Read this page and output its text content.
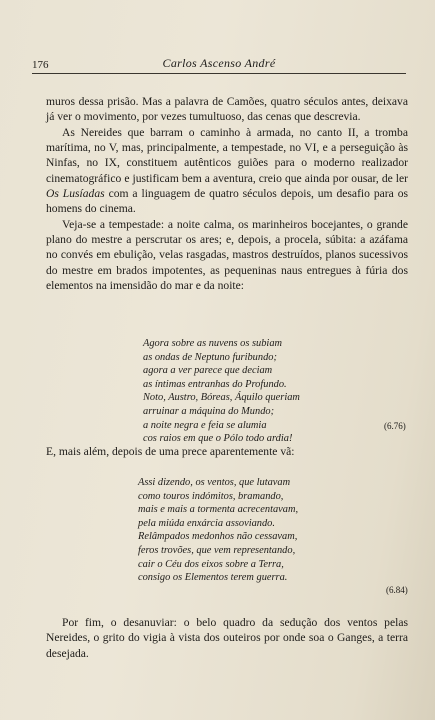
176	Carlos Ascenso André

muros dessa prisão. Mas a palavra de Camões, quatro séculos antes, deixava já ver o movimento, por vezes tumultuoso, das cenas que descrevia.

As Nereides que barram o caminho à armada, no canto II, a tromba marítima, no V, mas, principalmente, a tempestade, no VI, e a perseguição às Ninfas, no IX, constituem autênticos guiões para o moderno realizador cinematográfico e justificam bem a aventura, creio que ainda por ousar, de ler Os Lusíadas com a linguagem de quatro séculos depois, um desafio para os homens do cinema.

Veja-se a tempestade: a noite calma, os marinheiros bocejantes, o grande plano do mestre a perscrutar os ares; e, depois, a procela, súbita: a azáfama no convés em ebulição, velas rasgadas, mastros destruídos, planos sucessivos do mestre em brados impotentes, as pequeninas naus entregues à fúria dos elementos na imensidão do mar e da noite:

Agora sobre as nuvens os subiam
as ondas de Neptuno furibundo;
agora a ver parece que deciam
as íntimas entranhas do Profundo.
Noto, Austro, Bóreas, Áquilo queriam
arruinar a máquina do Mundo;
a noite negra e feia se alumia
cos raios em que o Pólo todo ardia!
(6.76)
E, mais além, depois de uma prece aparentemente vã:
Assi dizendo, os ventos, que lutavam
como touros indómitos, bramando,
mais e mais a tormenta acrecentavam,
pela miúda enxárcia assoviando.
Relâmpados medonhos não cessavam,
feros trovões, que vem representando,
cair o Céu dos eixos sobre a Terra,
consigo os Elementos terem guerra.
(6.84)
Por fim, o desanuviar: o belo quadro da sedução dos ventos pelas Nereides, o grito do vigia à vista dos outeiros por onde soa o Ganges, a terra desejada.
